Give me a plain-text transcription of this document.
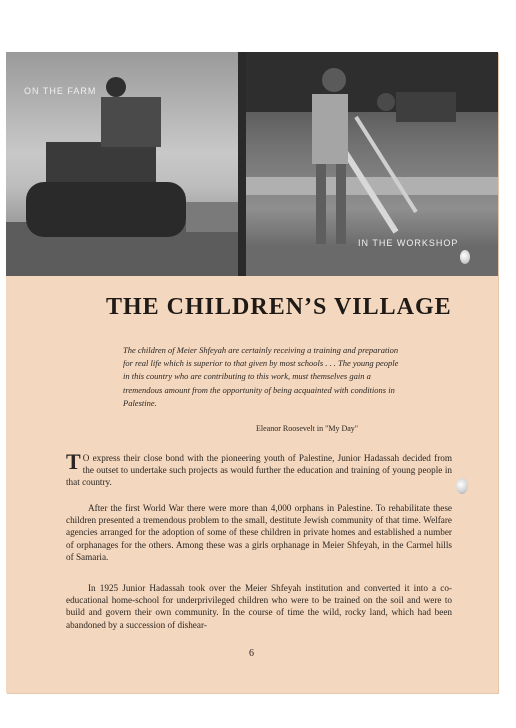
ON THE FARM
IN THE WORKSHOP
THE CHILDREN’S VILLAGE
The children of Meier Shfeyah are certainly receiving a training and preparation for real life which is superior to that given by most schools . . . The young people in this country who are contributing to this work, must themselves gain a tremendous amount from the opportunity of being acquainted with conditions in Palestine.
Eleanor Roosevelt in "My Day"
T O express their close bond with the pioneering youth of Palestine, Junior Hadassah decided from the outset to undertake such projects as would further the education and training of young people in that country.
After the first World War there were more than 4,000 orphans in Palestine. To rehabilitate these children presented a tremendous problem to the small, destitute Jewish community of that time. Welfare agencies arranged for the adoption of some of these children in private homes and established a number of orphanages for the others. Among these was a girls orphanage in Meier Shfeyah, in the Carmel hills of Samaria.
In 1925 Junior Hadassah took over the Meier Shfeyah institution and converted it into a co-educational home-school for underprivileged children who were to be trained on the soil and were to build and govern their own community. In the course of time the wild, rocky land, which had been abandoned by a succession of dishear-
6
